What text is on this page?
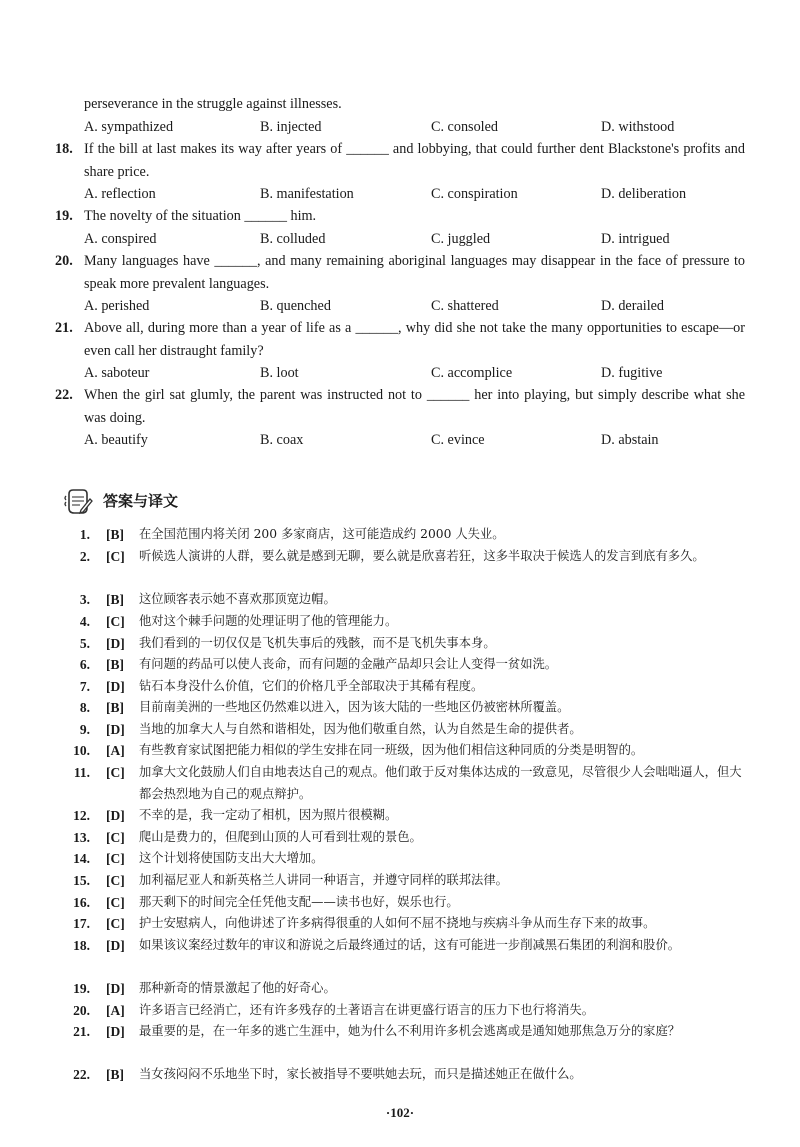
perseverance in the struggle against illnesses.
A. sympathized	B. injected	C. consoled	D. withstood
18. If the bill at last makes its way after years of ______ and lobbying, that could further dent Blackstone's profits and share price.
A. reflection	B. manifestation	C. conspiration	D. deliberation
19. The novelty of the situation ______ him.
A. conspired	B. colluded	C. juggled	D. intrigued
20. Many languages have ______, and many remaining aboriginal languages may disappear in the face of pressure to speak more prevalent languages.
A. perished	B. quenched	C. shattered	D. derailed
21. Above all, during more than a year of life as a ______, why did she not take the many opportunities to escape—or even call her distraught family?
A. saboteur	B. loot	C. accomplice	D. fugitive
22. When the girl sat glumly, the parent was instructed not to ______ her into playing, but simply describe what she was doing.
A. beautify	B. coax	C. evince	D. abstain
答案与译文
1. [B] 在全国范围内将关闭 200 多家商店，这可能造成约 2000 人失业。
2. [C] 听候选人演讲的人群，要么就是感到无聊，要么就是欣喜若狂，这多半取决于候选人的发言到底有多久。
3. [B] 这位顾客表示她不喜欢那顶宽边帽。
4. [C] 他对这个棘手问题的处理证明了他的管理能力。
5. [D] 我们看到的一切仅仅是飞机失事后的残骸，而不是飞机失事本身。
6. [B] 有问题的药品可以使人丧命，而有问题的金融产品却只会让人变得一贫如洗。
7. [D] 钻石本身没什么价值，它们的价格几乎全部取决于其稀有程度。
8. [B] 目前南美洲的一些地区仍然难以进入，因为该大陆的一些地区仍被密林所覆盖。
9. [D] 当地的加拿大人与自然和谐相处，因为他们敬重自然，认为自然是生命的提供者。
10. [A] 有些教育家试图把能力相似的学生安排在同一班级，因为他们相信这种同质的分类是明智的。
11. [C] 加拿大文化鼓励人们自由地表达自己的观点。他们敢于反对集体达成的一致意见，尽管很少人会咄咄逼人，但大都会热烈地为自己的观点辩护。
12. [D] 不幸的是，我一定动了相机，因为照片很模糊。
13. [C] 爬山是费力的，但爬到山顶的人可看到壮观的景色。
14. [C] 这个计划将使国防支出大大增加。
15. [C] 加利福尼亚人和新英格兰人讲同一种语言，并遵守同样的联邦法律。
16. [C] 那天剩下的时间完全任凭他支配——读书也好，娱乐也行。
17. [C] 护士安慰病人，向他讲述了许多病得很重的人如何不屈不挠地与疾病斗争从而生存下来的故事。
18. [D] 如果该议案经过数年的审议和游说之后最终通过的话，这有可能进一步削减黑石集团的利润和股价。
19. [D] 那种新奇的情景激起了他的好奇心。
20. [A] 许多语言已经消亡，还有许多残存的土著语言在讲更盛行语言的压力下也行将消失。
21. [D] 最重要的是，在一年多的逃亡生涯中，她为什么不利用许多机会逃离或是通知她那焦急万分的家庭？
22. [B] 当女孩闷闷不乐地坐下时，家长被指导不要哄她去玩，而只是描述她正在做什么。
·102·
